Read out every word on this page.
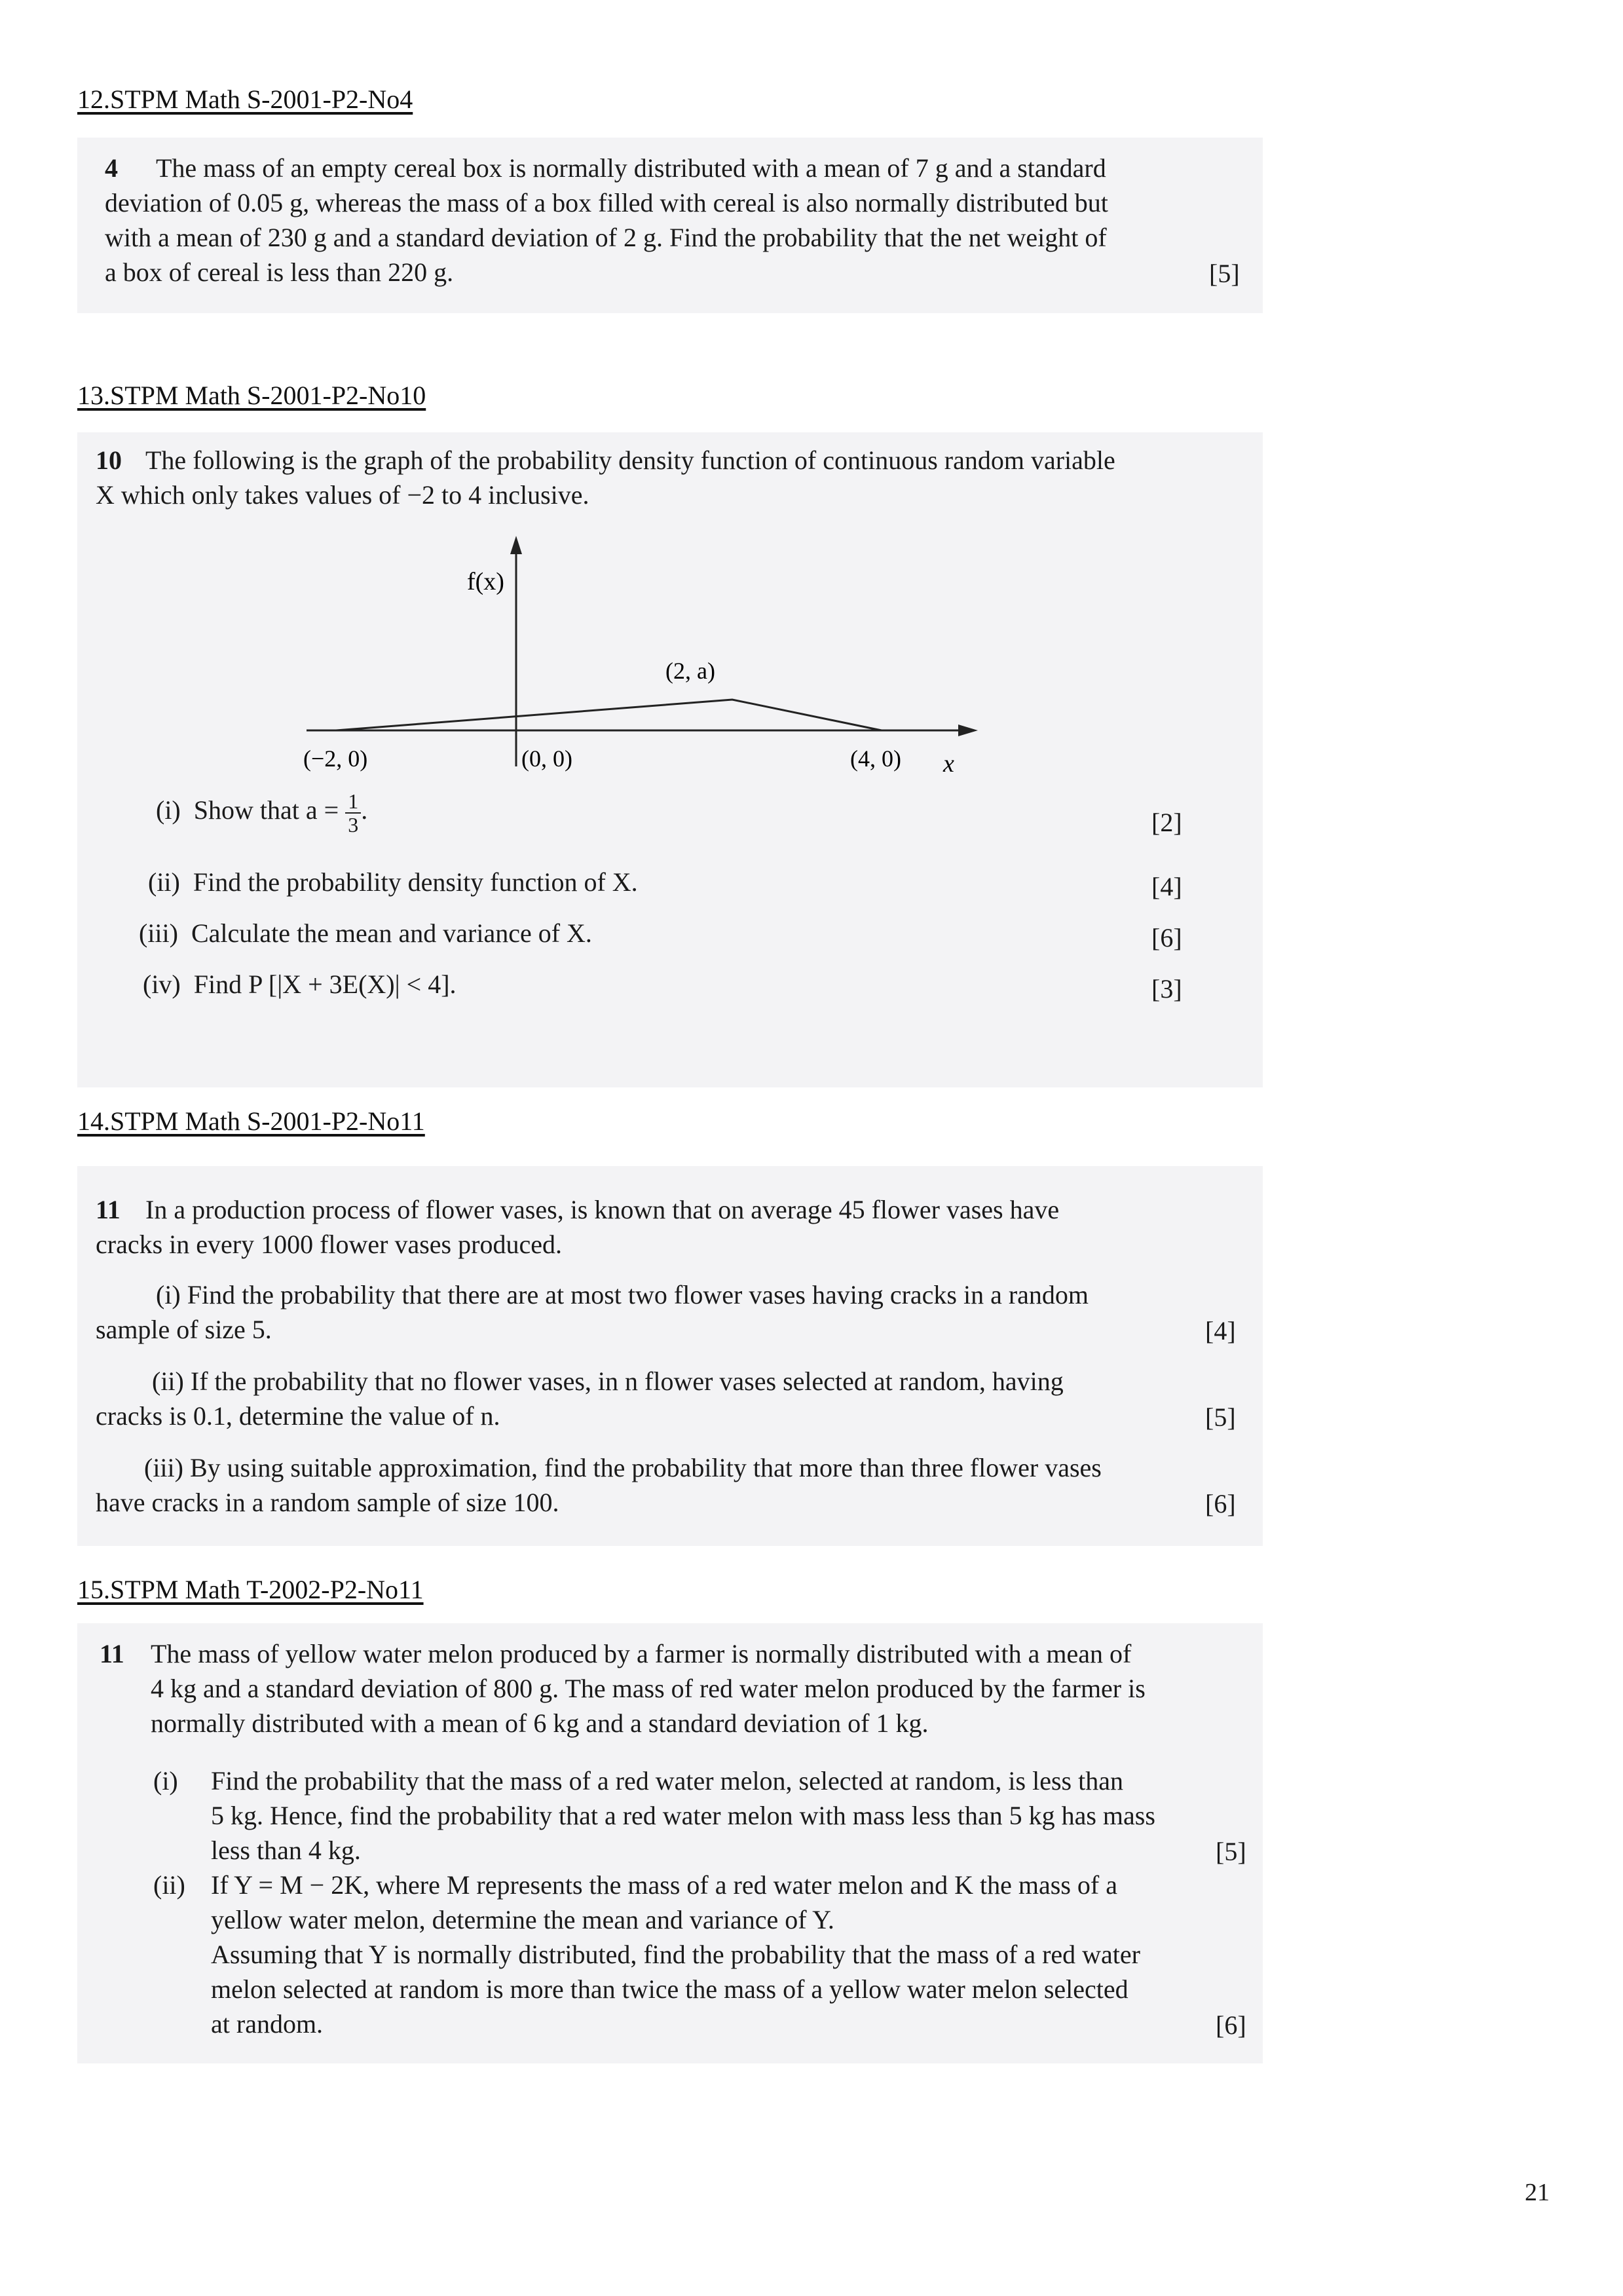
12.STPM Math S-2001-P2-No4
4 The mass of an empty cereal box is normally distributed with a mean of 7 g and a standard
deviation of 0.05 g, whereas the mass of a box filled with cereal is also normally distributed but
with a mean of 230 g and a standard deviation of 2 g. Find the probability that the net weight of
a box of cereal is less than 220 g.	[5]
13.STPM Math S-2001-P2-No10
10 The following is the graph of the probability density function of continuous random variable
X which only takes values of −2 to 4 inclusive.
f(x)
(2, a)
(−2, 0)	(0, 0)	(4, 0) x
(i) Show that $a = \frac{1}{3}$ .	[2]
(ii) Find the probability density function of X.	[4]
(iii) Calculate the mean and variance of X.	[6]
(iv) Find P [|X + 3E(X)| < 4].	[3]
14.STPM Math S-2001-P2-No11
11 In a production process of flower vases, is known that on average 45 flower vases have
cracks in every 1000 flower vases produced.
(i) Find the probability that there are at most two flower vases having cracks in a random
sample of size 5.	[4]
(ii) If the probability that no flower vases, in n flower vases selected at random, having
cracks is 0.1, determine the value of n.	[5]
(iii) By using suitable approximation, find the probability that more than three flower vases
have cracks in a random sample of size 100.	[6]
15.STPM Math T-2002-P2-No11
11 The mass of yellow water melon produced by a farmer is normally distributed with a mean of
4 kg and a standard deviation of 800 g. The mass of red water melon produced by the farmer is
normally distributed with a mean of 6 kg and a standard deviation of 1 kg.
(i) Find the probability that the mass of a red water melon, selected at random, is less than
5 kg. Hence, find the probability that a red water melon with mass less than 5 kg has mass
less than 4 kg.	[5]
(ii) If Y = M − 2K, where M represents the mass of a red water melon and K the mass of a
yellow water melon, determine the mean and variance of Y.
Assuming that Y is normally distributed, find the probability that the mass of a red water
melon selected at random is more than twice the mass of a yellow water melon selected
at random.	[6]
21
